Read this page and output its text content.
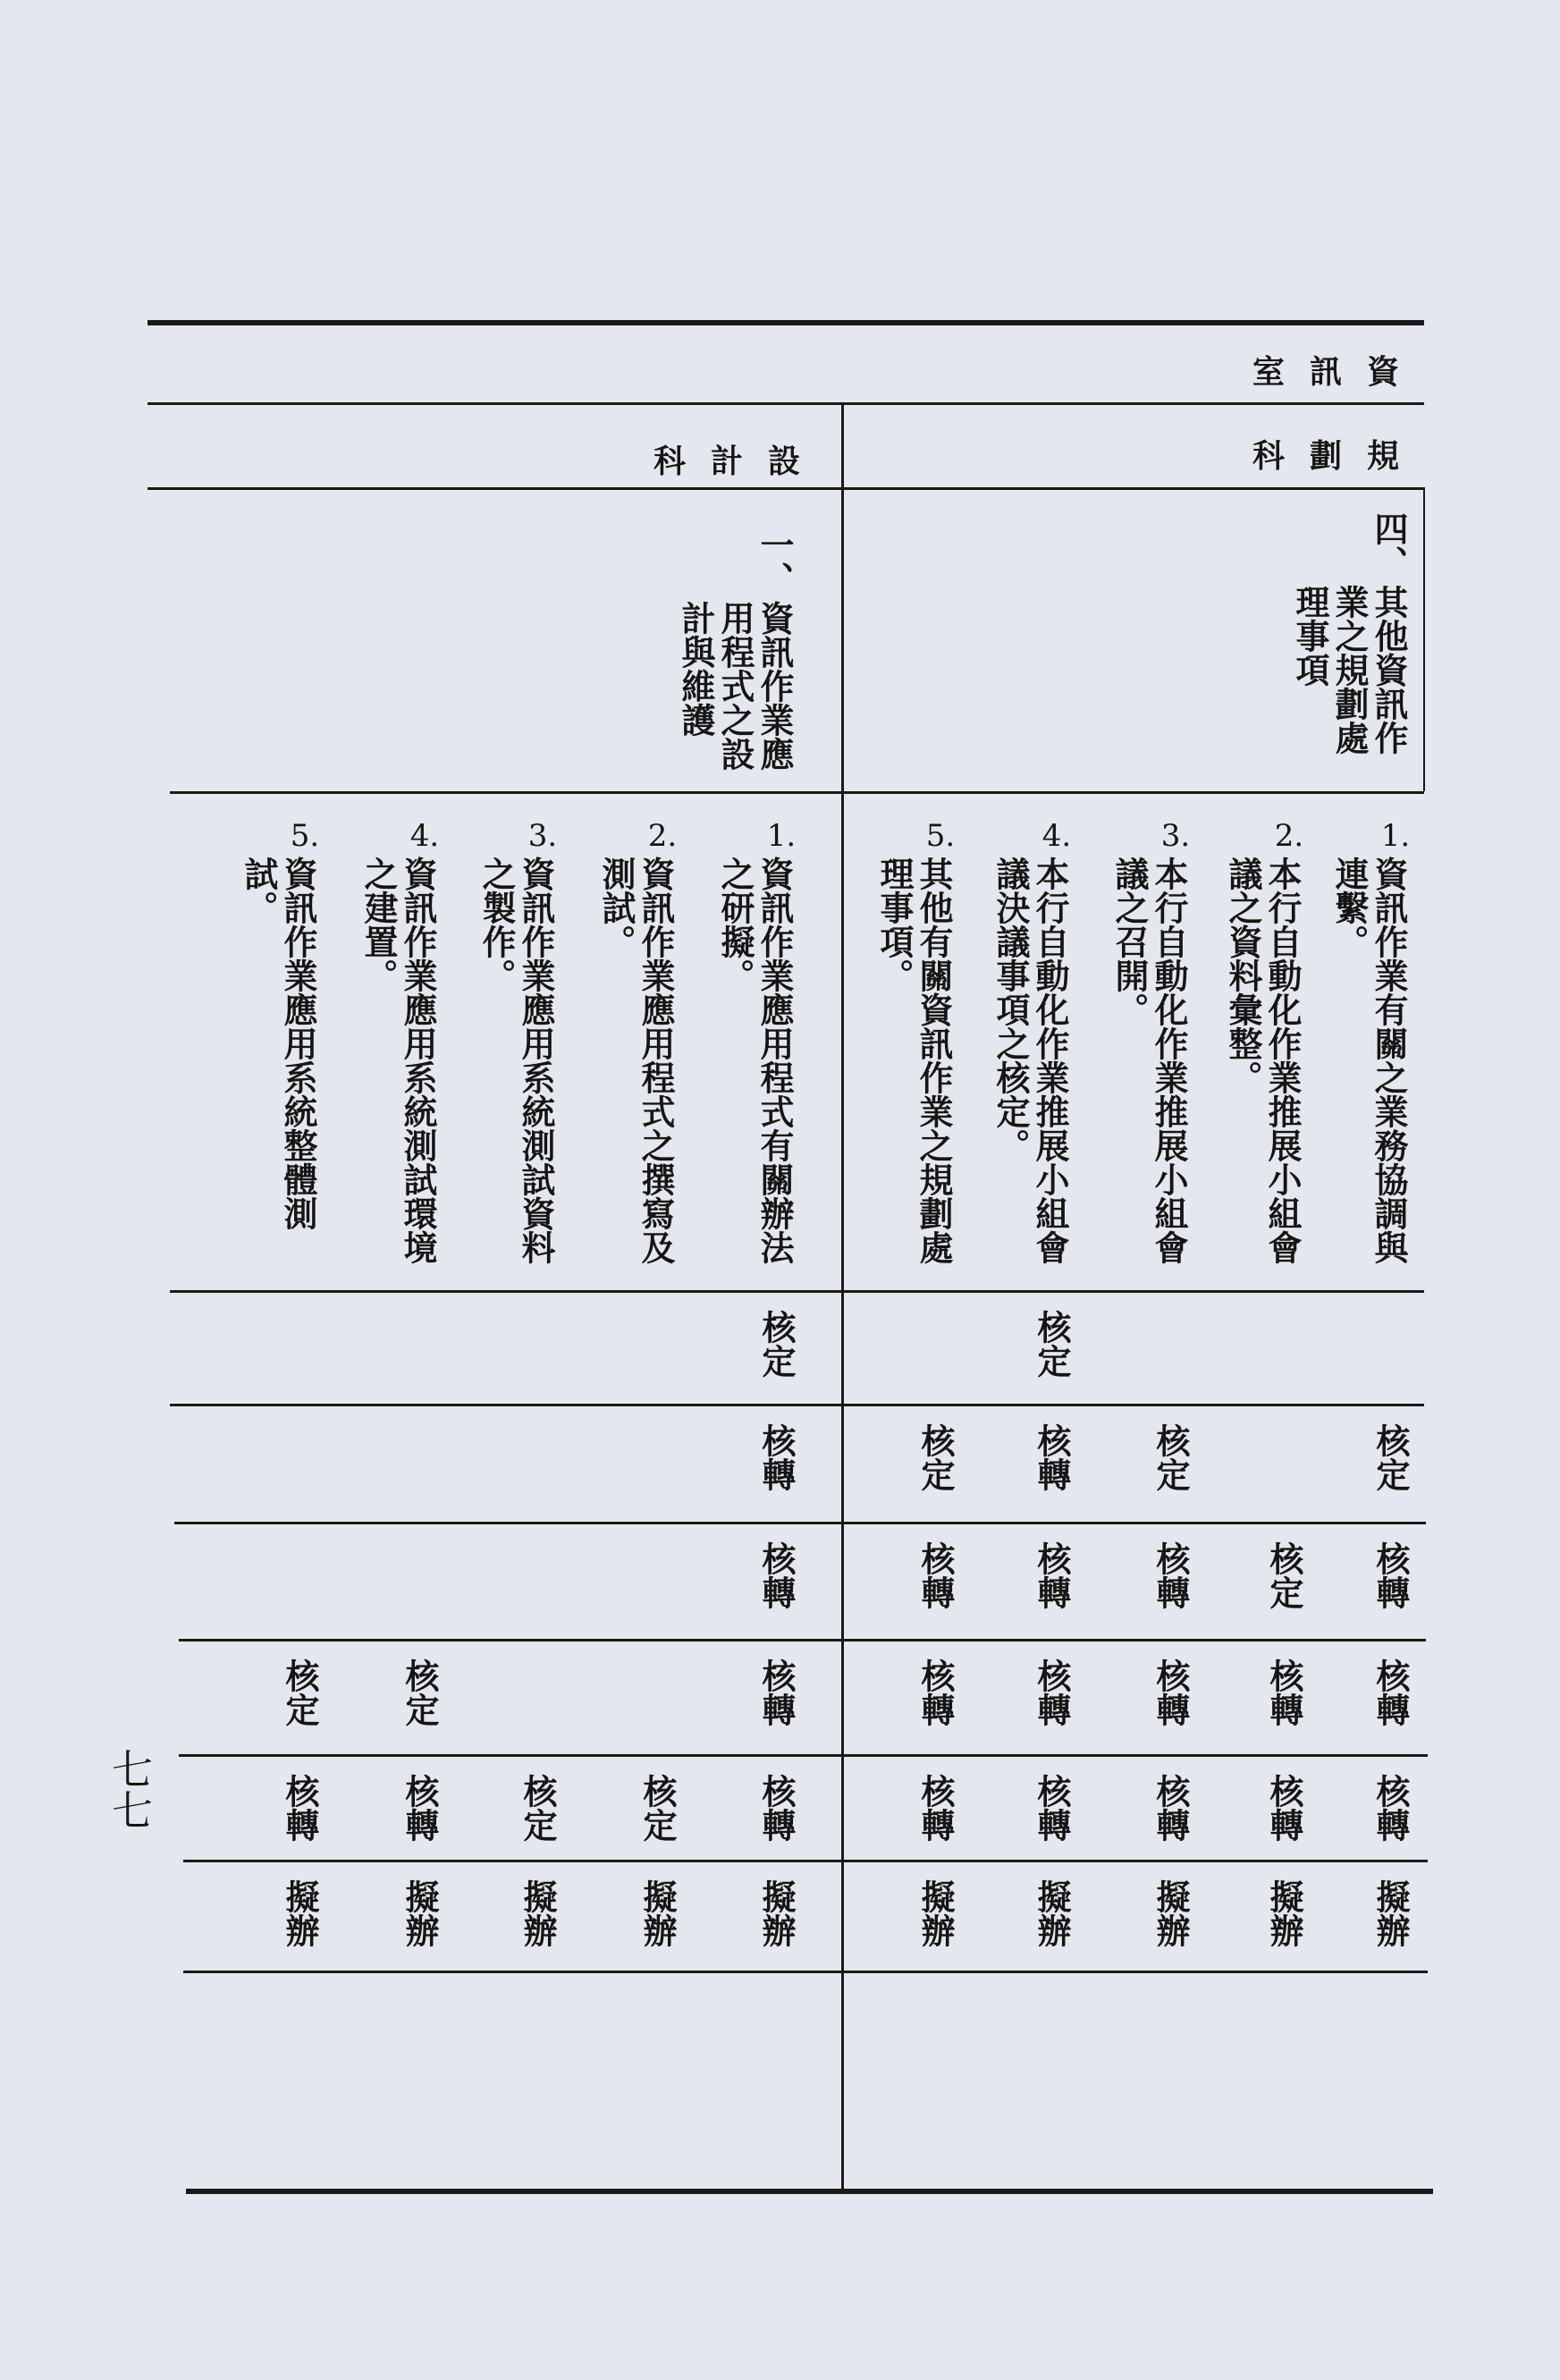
資
訊
室
規
劃
科
設
計
科
四、
其他資訊作業之規劃處理事項
1.
資訊作業有關之業務協調與連繫。
核定
核轉
核轉
核轉
擬辦
2.
本行自動化作業推展小組會議之資料彙整。
核定
核轉
核轉
擬辦
3.
本行自動化作業推展小組會議之召開。
核定
核轉
核轉
核轉
擬辦
4.
本行自動化作業推展小組會議決議事項之核定。
核定
核轉
核轉
核轉
核轉
擬辦
5.
其他有關資訊作業之規劃處理事項。
核定
核轉
核轉
核轉
擬辦
一、
資訊作業應用程式之設計與維護
1.
資訊作業應用程式有關辦法之研擬。
核定
核轉
核轉
核轉
核轉
擬辦
2.
資訊作業應用程式之撰寫及測試。
核定
擬辦
3.
資訊作業應用系統測試資料之製作。
核定
擬辦
4.
資訊作業應用系統測試環境之建置。
核定
核轉
擬辦
5.
資訊作業應用系統整體測試。
核定
核轉
擬辦
七七
